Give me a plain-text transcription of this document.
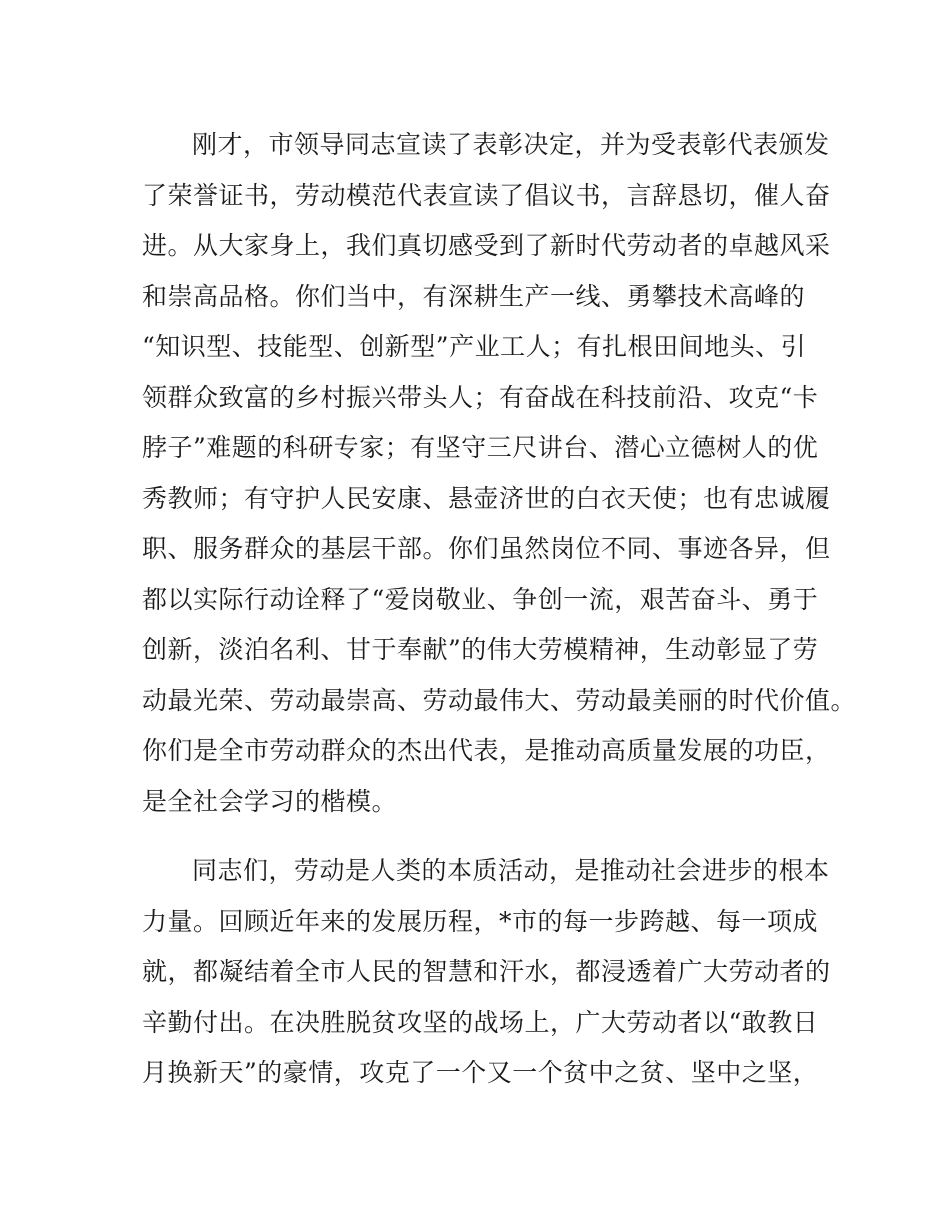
刚才，市领导同志宣读了表彰决定，并为受表彰代表颁发
了荣誉证书，劳动模范代表宣读了倡议书，言辞恳切，催人奋
进。从大家身上，我们真切感受到了新时代劳动者的卓越风采
和崇高品格。你们当中，有深耕生产一线、勇攀技术高峰的
“知识型、技能型、创新型”产业工人；有扎根田间地头、引
领群众致富的乡村振兴带头人；有奋战在科技前沿、攻克“卡
脖子”难题的科研专家；有坚守三尺讲台、潜心立德树人的优
秀教师；有守护人民安康、悬壶济世的白衣天使；也有忠诚履
职、服务群众的基层干部。你们虽然岗位不同、事迹各异，但
都以实际行动诠释了“爱岗敬业、争创一流，艰苦奋斗、勇于
创新，淡泊名利、甘于奉献”的伟大劳模精神，生动彰显了劳
动最光荣、劳动最崇高、劳动最伟大、劳动最美丽的时代价值。
你们是全市劳动群众的杰出代表，是推动高质量发展的功臣，
是全社会学习的楷模。
同志们，劳动是人类的本质活动，是推动社会进步的根本
力量。回顾近年来的发展历程，*市的每一步跨越、每一项成
就，都凝结着全市人民的智慧和汗水，都浸透着广大劳动者的
辛勤付出。在决胜脱贫攻坚的战场上，广大劳动者以“敢教日
月换新天”的豪情，攻克了一个又一个贫中之贫、坚中之坚，
